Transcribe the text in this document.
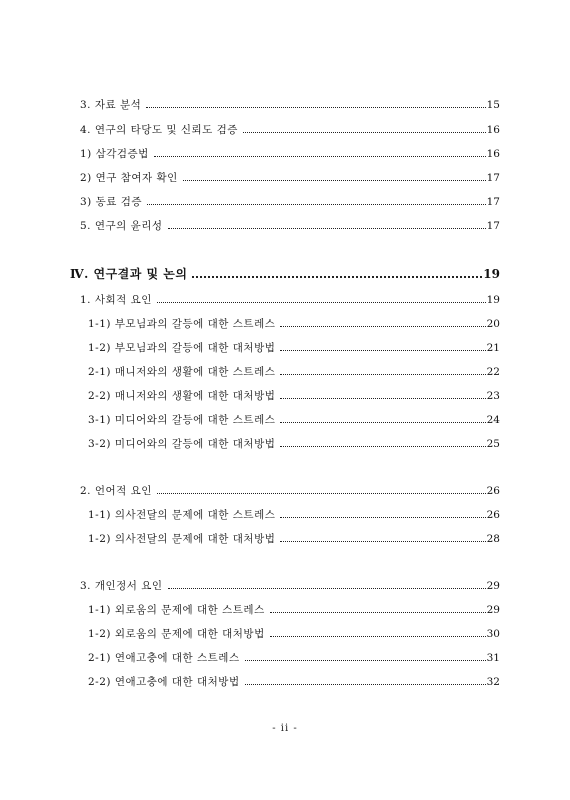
3. 자료 분석	15
4. 연구의 타당도 및 신뢰도 검증	16
1) 삼각검증법	16
2) 연구 참여자 확인	17
3) 동료 검증	17
5. 연구의 윤리성	17
Ⅳ. 연구결과 및 논의	19
1. 사회적 요인	19
1-1) 부모님과의 갈등에 대한 스트레스	20
1-2) 부모님과의 갈등에 대한 대처방법	21
2-1) 매니저와의 생활에 대한 스트레스	22
2-2) 매니저와의 생활에 대한 대처방법	23
3-1) 미디어와의 갈등에 대한 스트레스	24
3-2) 미디어와의 갈등에 대한 대처방법	25
2. 언어적 요인	26
1-1) 의사전달의 문제에 대한 스트레스	26
1-2) 의사전달의 문제에 대한 대처방법	28
3. 개인정서 요인	29
1-1) 외로움의 문제에 대한 스트레스	29
1-2) 외로움의 문제에 대한 대처방법	30
2-1) 연애고충에 대한 스트레스	31
2-2) 연애고충에 대한 대처방법	32
- ii -
